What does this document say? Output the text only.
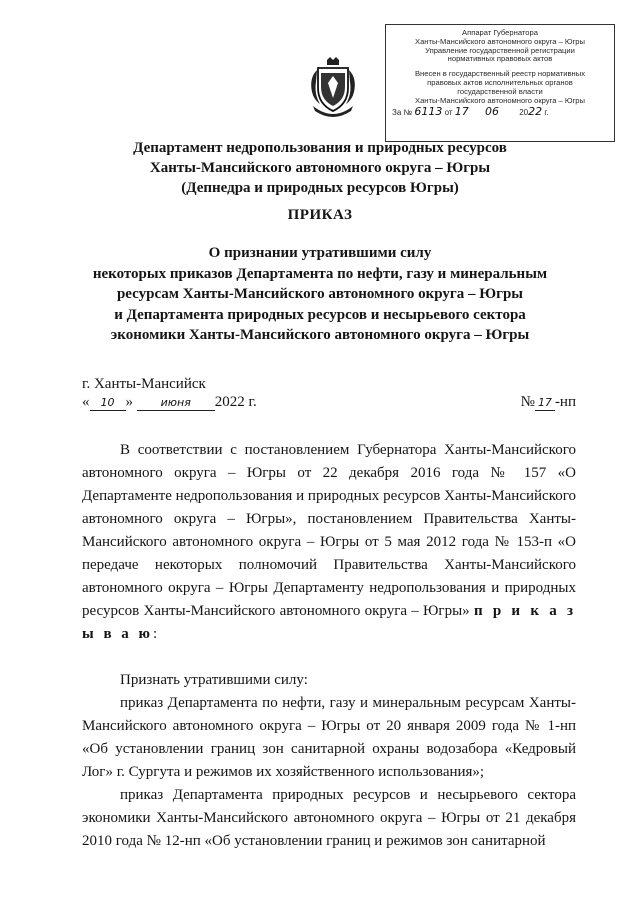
Аппарат Губернатора
Ханты-Мансийского автономного округа – Югры
Управление государственной регистрации
нормативных правовых актов
Внесен в государственный реестр нормативных
правовых актов исполнительных органов
государственной власти
Ханты-Мансийского автономного округа – Югры
За № 6113 от 17 06	2022 г.
Департамент недропользования и природных ресурсов
Ханты-Мансийского автономного округа – Югры
(Депнедра и природных ресурсов Югры)
ПРИКАЗ
О признании утратившими силу
некоторых приказов Департамента по нефти, газу и минеральным
ресурсам Ханты-Мансийского автономного округа – Югры
и Департамента природных ресурсов и несырьевого сектора
экономики Ханты-Мансийского автономного округа – Югры
г. Ханты-Мансийск
« 10 »	июня 2022 г.	№ 17 -нп

В соответствии с постановлением Губернатора Ханты-Мансийского автономного округа – Югры от 22 декабря 2016 года № 157 «О Департаменте недропользования и природных ресурсов Ханты-Мансийского автономного округа – Югры», постановлением Правительства Ханты-Мансийского автономного округа – Югры от 5 мая 2012 года № 153-п «О передаче некоторых полномочий Правительства Ханты-Мансийского автономного округа – Югры Департаменту недропользования и природных ресурсов Ханты-Мансийского автономного округа – Югры» п р и к а з ы в а ю:

Признать утратившими силу:

приказ Департамента по нефти, газу и минеральным ресурсам Ханты-Мансийского автономного округа – Югры от 20 января 2009 года № 1-нп «Об установлении границ зон санитарной охраны водозабора «Кедровый Лог» г. Сургута и режимов их хозяйственного использования»;

приказ Департамента природных ресурсов и несырьевого сектора экономики Ханты-Мансийского автономного округа – Югры от 21 декабря 2010 года № 12-нп «Об установлении границ и режимов зон санитарной
